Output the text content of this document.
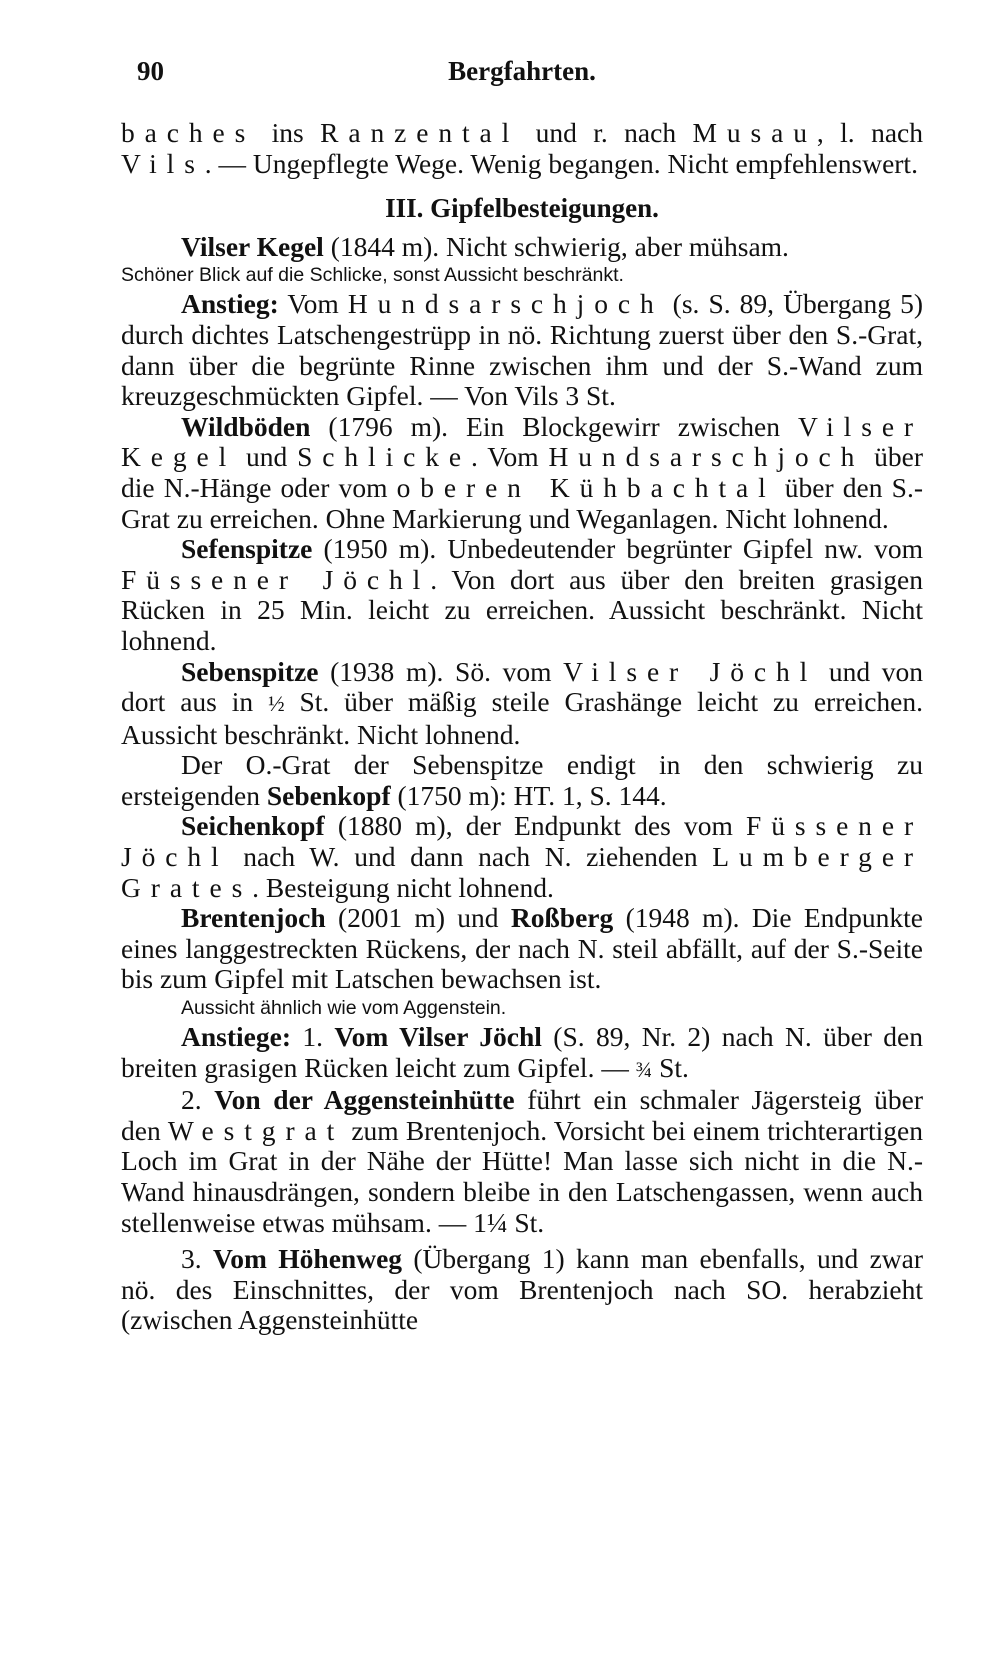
90	Bergfahrten.

baches ins Ranzental und r. nach Musau, l. nach Vils. — Ungepflegte Wege. Wenig begangen. Nicht empfehlenswert.

III. Gipfelbesteigungen.

Vilser Kegel (1844 m). Nicht schwierig, aber mühsam.

Schöner Blick auf die Schlicke, sonst Aussicht beschränkt.

Anstieg: Vom Hundsarschjoch (s. S. 89, Übergang 5) durch dichtes Latschengestrüpp in nö. Richtung zuerst über den S.-Grat, dann über die begrünte Rinne zwischen ihm und der S.-Wand zum kreuzgeschmückten Gipfel. — Von Vils 3 St.

Wildböden (1796 m). Ein Blockgewirr zwischen Vilser Kegel und Schlicke. Vom Hundsarschjoch über die N.-Hänge oder vom oberen Kühbachtal über den S.-Grat zu erreichen. Ohne Markierung und Weganlagen. Nicht lohnend.

Sefenspitze (1950 m). Unbedeutender begrünter Gipfel nw. vom Füssener Jöchl. Von dort aus über den breiten grasigen Rücken in 25 Min. leicht zu erreichen. Aussicht beschränkt. Nicht lohnend.

Sebenspitze (1938 m). Sö. vom Vilser Jöchl und von dort aus in ½ St. über mäßig steile Grashänge leicht zu erreichen. Aussicht beschränkt. Nicht lohnend.

Der O.-Grat der Sebenspitze endigt in den schwierig zu ersteigenden Sebenkopf (1750 m): HT. 1, S. 144.

Seichenkopf (1880 m), der Endpunkt des vom Füssener Jöchl nach W. und dann nach N. ziehenden Lumberger Grates. Besteigung nicht lohnend.

Brentenjoch (2001 m) und Roßberg (1948 m). Die Endpunkte eines langgestreckten Rückens, der nach N. steil abfällt, auf der S.-Seite bis zum Gipfel mit Latschen bewachsen ist.

Aussicht ähnlich wie vom Aggenstein.

Anstiege: 1. Vom Vilser Jöchl (S. 89, Nr. 2) nach N. über den breiten grasigen Rücken leicht zum Gipfel. — ¾ St.

2. Von der Aggensteinhütte führt ein schmaler Jägersteig über den Westgrat zum Brentenjoch. Vorsicht bei einem trichterartigen Loch im Grat in der Nähe der Hütte! Man lasse sich nicht in die N.-Wand hinausdrängen, sondern bleibe in den Latschengassen, wenn auch stellenweise etwas mühsam. — 1¼ St.

3. Vom Höhenweg (Übergang 1) kann man ebenfalls, und zwar nö. des Einschnittes, der vom Brentenjoch nach SO. herabzieht (zwischen Aggensteinhütte
